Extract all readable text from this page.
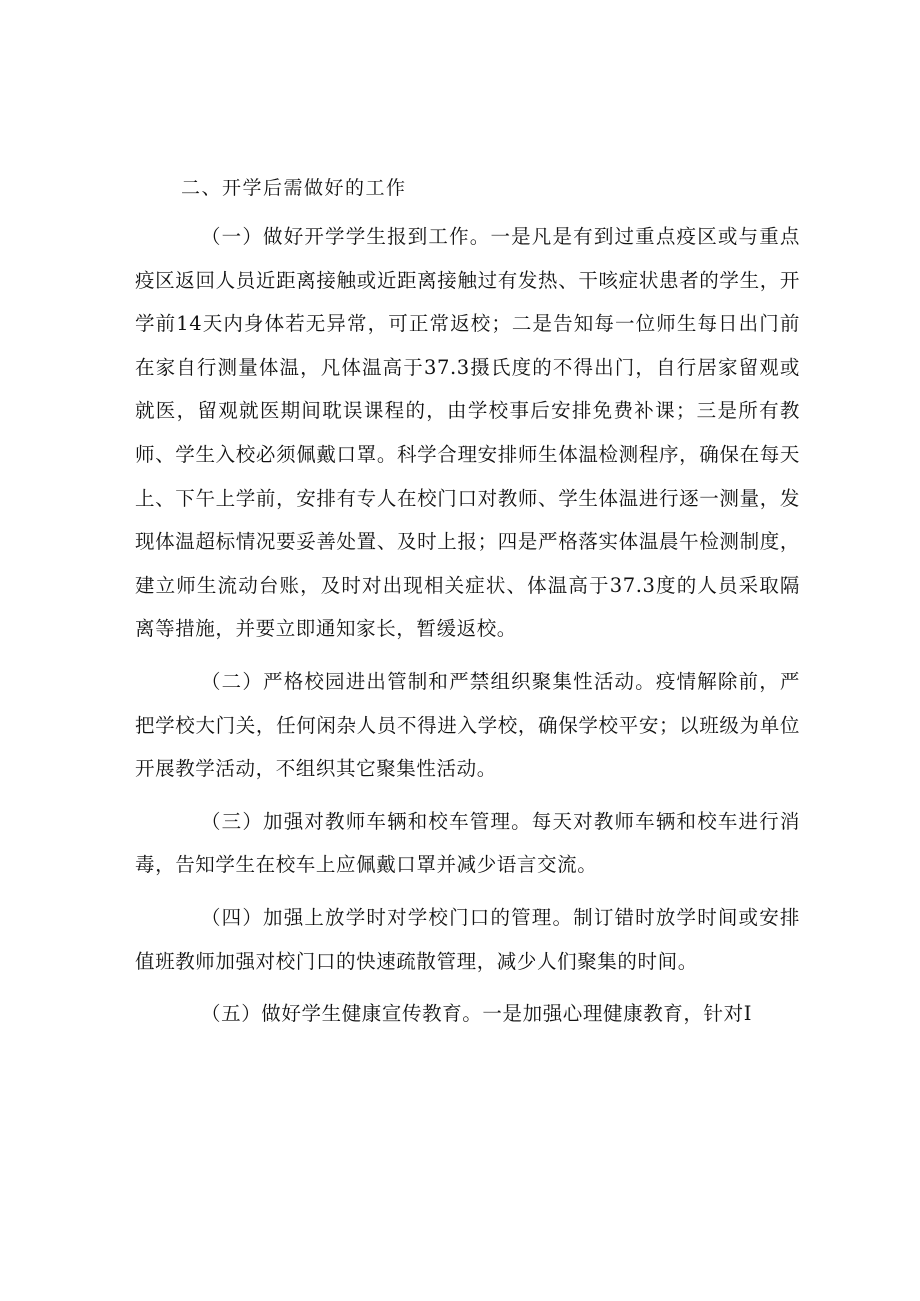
二、开学后需做好的工作

（一）做好开学学生报到工作。一是凡是有到过重点疫区或与重点疫区返回人员近距离接触或近距离接触过有发热、干咳症状患者的学生，开学前14天内身体若无异常，可正常返校；二是告知每一位师生每日出门前在家自行测量体温，凡体温高于37.3摄氏度的不得出门，自行居家留观或就医，留观就医期间耽误课程的，由学校事后安排免费补课；三是所有教师、学生入校必须佩戴口罩。科学合理安排师生体温检测程序，确保在每天上、下午上学前，安排有专人在校门口对教师、学生体温进行逐一测量，发现体温超标情况要妥善处置、及时上报；四是严格落实体温晨午检测制度，建立师生流动台账，及时对出现相关症状、体温高于37.3度的人员采取隔离等措施，并要立即通知家长，暂缓返校。

（二）严格校园进出管制和严禁组织聚集性活动。疫情解除前，严把学校大门关，任何闲杂人员不得进入学校，确保学校平安；以班级为单位开展教学活动，不组织其它聚集性活动。

（三）加强对教师车辆和校车管理。每天对教师车辆和校车进行消毒，告知学生在校车上应佩戴口罩并减少语言交流。

（四）加强上放学时对学校门口的管理。制订错时放学时间或安排值班教师加强对校门口的快速疏散管理，减少人们聚集的时间。

（五）做好学生健康宣传教育。一是加强心理健康教育，针对I
